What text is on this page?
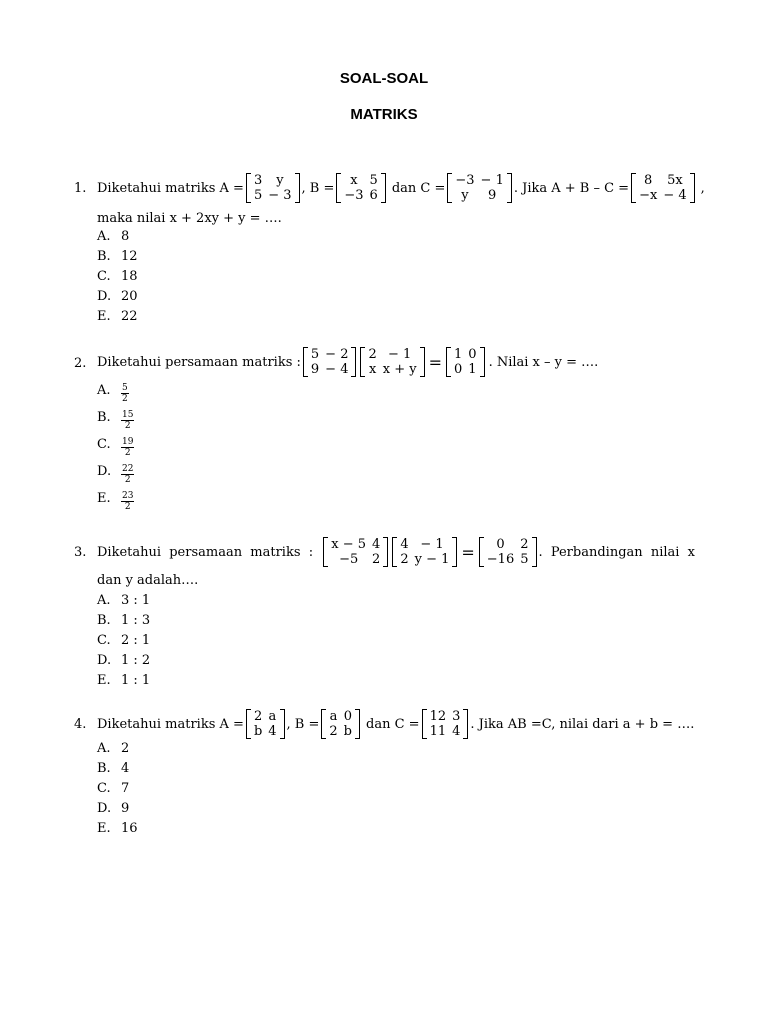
SOAL-SOAL
MATRIKS
1. Diketahui matriks A = 3	y
5	− 3 , B = x	5
−3	6 dan C = −3	− 1
y	9 . Jika A + B – C = 8	5x
−x	− 4 ,
maka nilai x + 2xy + y = ….
A. 8
B. 12
C. 18
D. 20
E. 22
2. Diketahui persamaan matriks : 5	− 2
9	− 4
2	− 1
x	x + y = 1	0
0	1 . Nilai x – y = ….
A.	$\frac{5}{2}$
B.	$\frac{15}{2}$
C.	$\frac{19}{2}$
D.	$\frac{22}{2}$
E.	$\frac{23}{2}$
3. Diketahui persamaan matriks : x − 5	4
−5	2
4	− 1
2	y − 1 = 0	2
−16	5 . Perbandingan nilai x
dan y adalah….
A. 3 : 1
B. 1 : 3
C. 2 : 1
D. 1 : 2
E. 1 : 1
4. Diketahui matriks A = 2	a
b	4 , B = a	0
2	b dan C = 12	3
11	4 . Jika AB =C, nilai dari a + b = ….
A. 2
B. 4
C. 7
D. 9
E. 16
